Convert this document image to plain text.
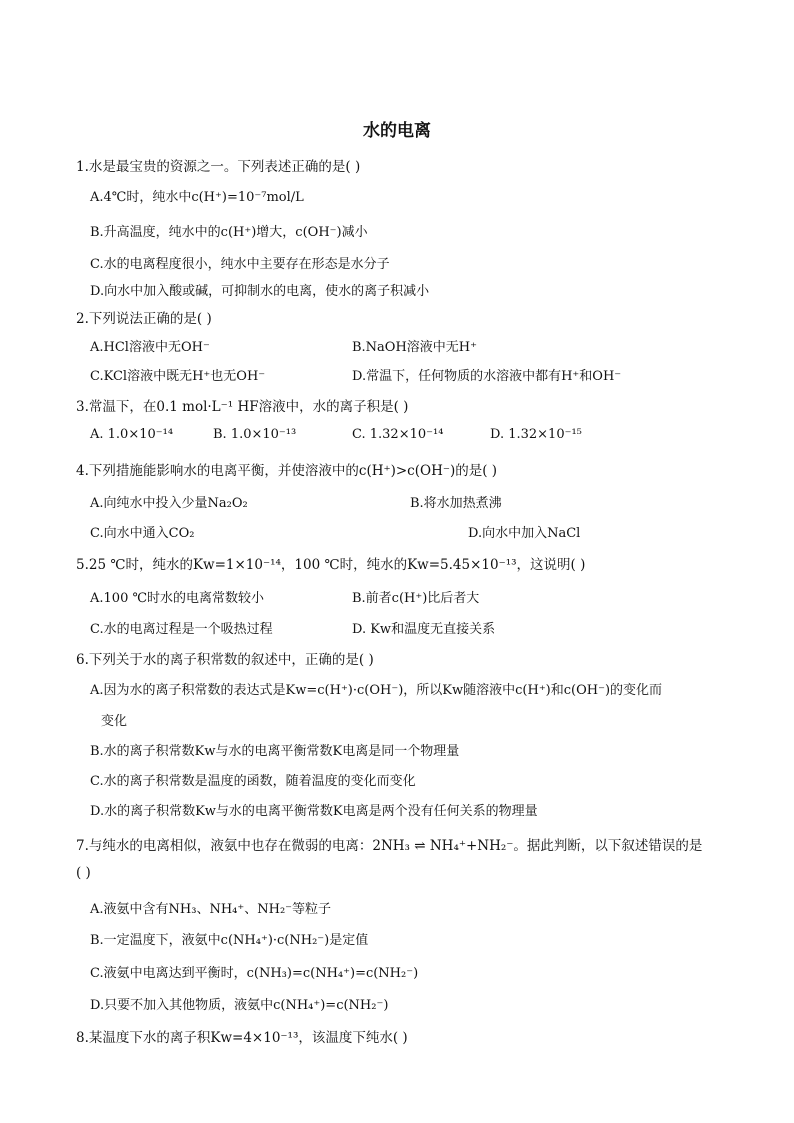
水的电离
1.水是最宝贵的资源之一。下列表述正确的是( )
A.4℃时，纯水中c(H⁺)=10⁻⁷mol/L
B.升高温度，纯水中的c(H⁺)增大，c(OH⁻)减小
C.水的电离程度很小，纯水中主要存在形态是水分子
D.向水中加入酸或碱，可抑制水的电离，使水的离子积减小
2.下列说法正确的是( )
A.HCl溶液中无OH⁻	B.NaOH溶液中无H⁺
C.KCl溶液中既无H⁺也无OH⁻	D.常温下，任何物质的水溶液中都有H⁺和OH⁻
3.常温下，在0.1 mol·L⁻¹ HF溶液中，水的离子积是( )
A. 1.0×10⁻¹⁴	B. 1.0×10⁻¹³	C. 1.32×10⁻¹⁴	D. 1.32×10⁻¹⁵
4.下列措施能影响水的电离平衡，并使溶液中的c(H⁺)>c(OH⁻)的是( )
A.向纯水中投入少量Na₂O₂	B.将水加热煮沸
C.向水中通入CO₂	D.向水中加入NaCl
5.25 ℃时，纯水的Kw=1×10⁻¹⁴，100 ℃时，纯水的Kw=5.45×10⁻¹³，这说明( )
A.100 ℃时水的电离常数较小	B.前者c(H⁺)比后者大
C.水的电离过程是一个吸热过程	D. Kw和温度无直接关系
6.下列关于水的离子积常数的叙述中，正确的是( )
A.因为水的离子积常数的表达式是Kw=c(H⁺)·c(OH⁻)，所以Kw随溶液中c(H⁺)和c(OH⁻)的变化而
变化
B.水的离子积常数Kw与水的电离平衡常数K电离是同一个物理量
C.水的离子积常数是温度的函数，随着温度的变化而变化
D.水的离子积常数Kw与水的电离平衡常数K电离是两个没有任何关系的物理量
7.与纯水的电离相似，液氨中也存在微弱的电离：2NH₃ ⇌ NH₄⁺+NH₂⁻。据此判断，以下叙述错误的是
( )
A.液氨中含有NH₃、NH₄⁺、NH₂⁻等粒子
B.一定温度下，液氨中c(NH₄⁺)·c(NH₂⁻)是定值
C.液氨中电离达到平衡时，c(NH₃)=c(NH₄⁺)=c(NH₂⁻)
D.只要不加入其他物质，液氨中c(NH₄⁺)=c(NH₂⁻)
8.某温度下水的离子积Kw=4×10⁻¹³，该温度下纯水( )
